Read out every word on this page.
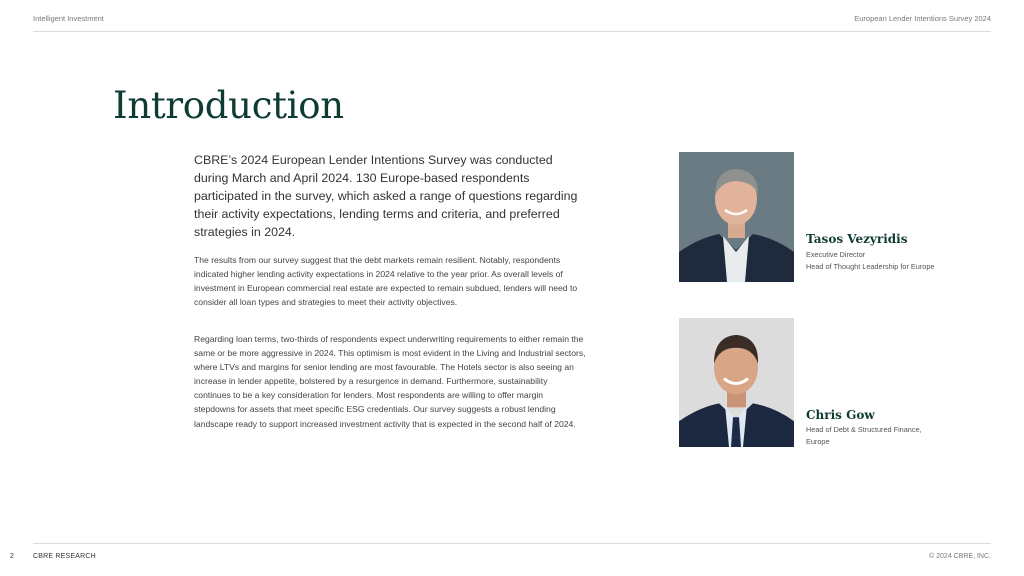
Intelligent Investment	European Lender Intentions Survey 2024
Introduction

CBRE’s 2024 European Lender Intentions Survey was conducted during March and April 2024. 130 Europe-based respondents participated in the survey, which asked a range of questions regarding their activity expectations, lending terms and criteria, and preferred strategies in 2024.

The results from our survey suggest that the debt markets remain resilient. Notably, respondents indicated higher lending activity expectations in 2024 relative to the year prior. As overall levels of investment in European commercial real estate are expected to remain subdued, lenders will need to consider all loan types and strategies to meet their activity objectives.

Regarding loan terms, two-thirds of respondents expect underwriting requirements to either remain the same or be more aggressive in 2024. This optimism is most evident in the Living and Industrial sectors, where LTVs and margins for senior lending are most favourable. The Hotels sector is also seeing an increase in lender appetite, bolstered by a resurgence in demand. Furthermore, sustainability continues to be a key consideration for lenders. Most respondents are willing to offer margin stepdowns for assets that meet specific ESG credentials. Our survey suggests a robust lending landscape ready to support increased investment activity that is expected in the second half of 2024.

Tasos Vezyridis
Executive Director
Head of Thought Leadership for Europe
Chris Gow
Head of Debt & Structured Finance, Europe
2	CBRE RESEARCH	© 2024 CBRE, INC.
